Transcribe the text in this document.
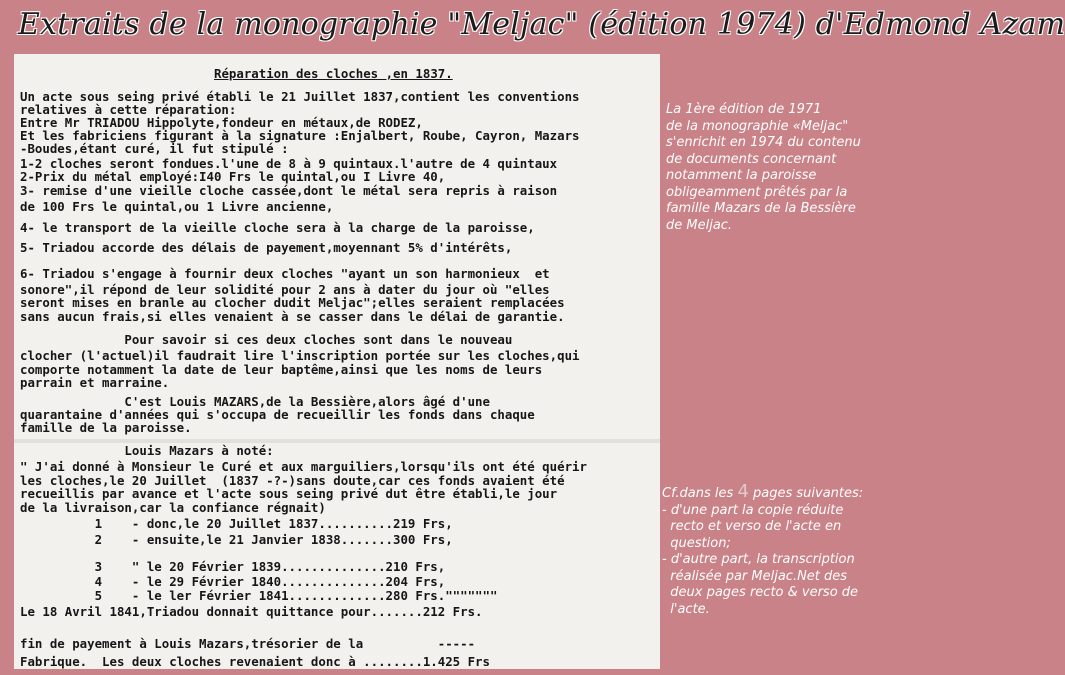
Extraits de la monographie "Meljac" (édition 1974) d'Edmond Azam
Réparation des cloches ,en 1837.
Un acte sous seing privé établi le 21 Juillet 1837,contient les conventions
relatives à cette réparation:
Entre Mr TRIADOU Hippolyte,fondeur en métaux,de RODEZ,
Et les fabriciens figurant à la signature :Enjalbert, Roube, Cayron, Mazars
-Boudes,étant curé, il fut stipulé :
1-2 cloches seront fondues.l'une de 8 à 9 quintaux.l'autre de 4 quintaux
2-Prix du métal employé:I40 Frs le quintal,ou I Livre 40,
3- remise d'une vieille cloche cassée,dont le métal sera repris à raison
de 100 Frs le quintal,ou 1 Livre ancienne,
4- le transport de la vieille cloche sera à la charge de la paroisse,
5- Triadou accorde des délais de payement,moyennant 5% d'intérêts,
6- Triadou s'engage à fournir deux cloches "ayant un son harmonieux  et
sonore",il répond de leur solidité pour 2 ans à dater du jour où "elles
seront mises en branle au clocher dudit Meljac";elles seraient remplacées
sans aucun frais,si elles venaient à se casser dans le délai de garantie.
Pour savoir si ces deux cloches sont dans le nouveau
clocher (l'actuel)il faudrait lire l'inscription portée sur les cloches,qui
comporte notamment la date de leur baptême,ainsi que les noms de leurs
parrain et marraine.
C'est Louis MAZARS,de la Bessière,alors âgé d'une
quarantaine d'années qui s'occupa de recueillir les fonds dans chaque
famille de la paroisse.
Louis Mazars à noté:
" J'ai donné à Monsieur le Curé et aux marguiliers,lorsqu'ils ont été quérir
les cloches,le 20 Juillet  (1837 -?-)sans doute,car ces fonds avaient été
recueillis par avance et l'acte sous seing privé dut être établi,le jour
de la livraison,car la confiance régnait)
1    - donc,le 20 Juillet 1837..........219 Frs,
2    - ensuite,le 21 Janvier 1838.......300 Frs,
3    " le 20 Février 1839..............210 Frs,
4    - le 29 Février 1840..............204 Frs,
5    - le ler Février 1841.............280 Frs."""""""
Le 18 Avril 1841,Triadou donnait quittance pour.......212 Frs.
fin de payement à Louis Mazars,trésorier de la          -----
Fabrique.  Les deux cloches revenaient donc à ........1.425 Frs
La 1ère édition de 1971
de la monographie «Meljac"
s'enrichit en 1974 du contenu
de documents concernant
notamment la paroisse
obligeamment prêtés par la
famille Mazars de la Bessière
de Meljac.
Cf.dans les 4 pages suivantes:
- d'une part la copie réduite
recto et verso de l'acte en
question;
- d'autre part, la transcription
réalisée par Meljac.Net des
deux pages recto & verso de
l'acte.
